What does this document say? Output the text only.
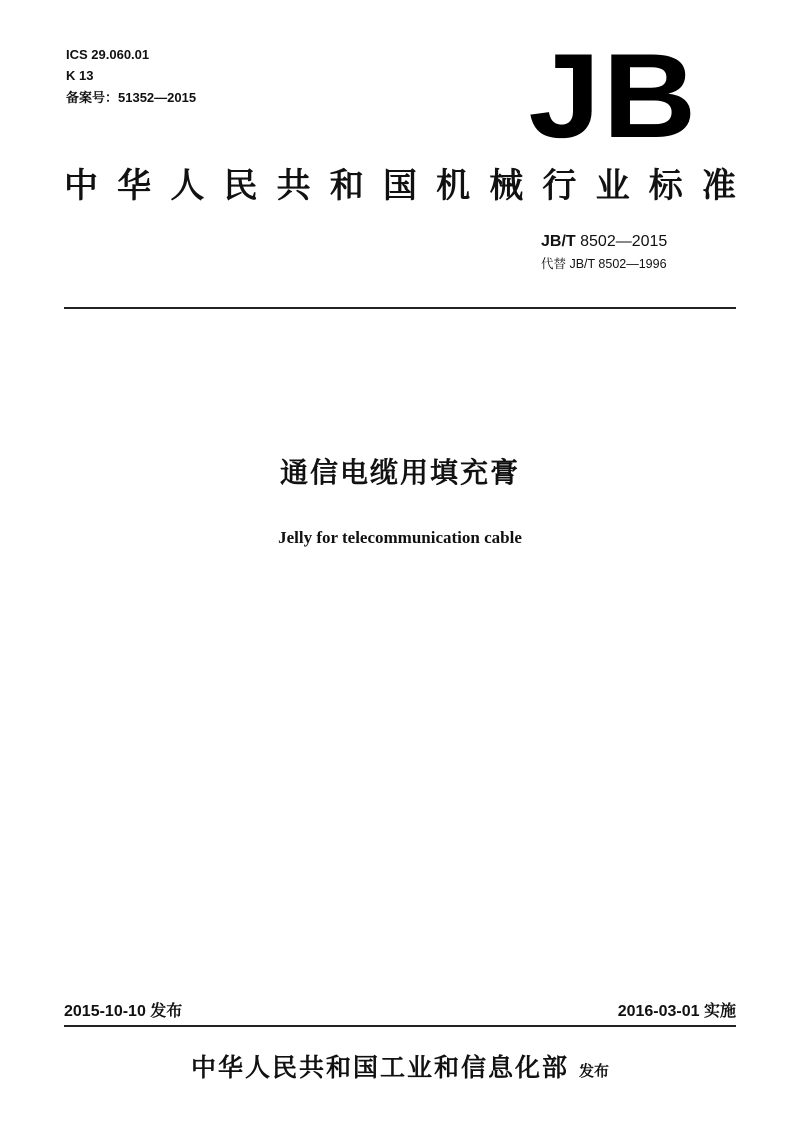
ICS 29.060.01
K 13
备案号：51352—2015	JB
中 华 人 民 共 和 国 机 械 行 业 标 准
JB/T 8502—2015
代替 JB/T 8502—1996
通信电缆用填充膏
Jelly for telecommunication cable
2015-10-10 发布	2016-03-01 实施
中华人民共和国工业和信息化部 发布
